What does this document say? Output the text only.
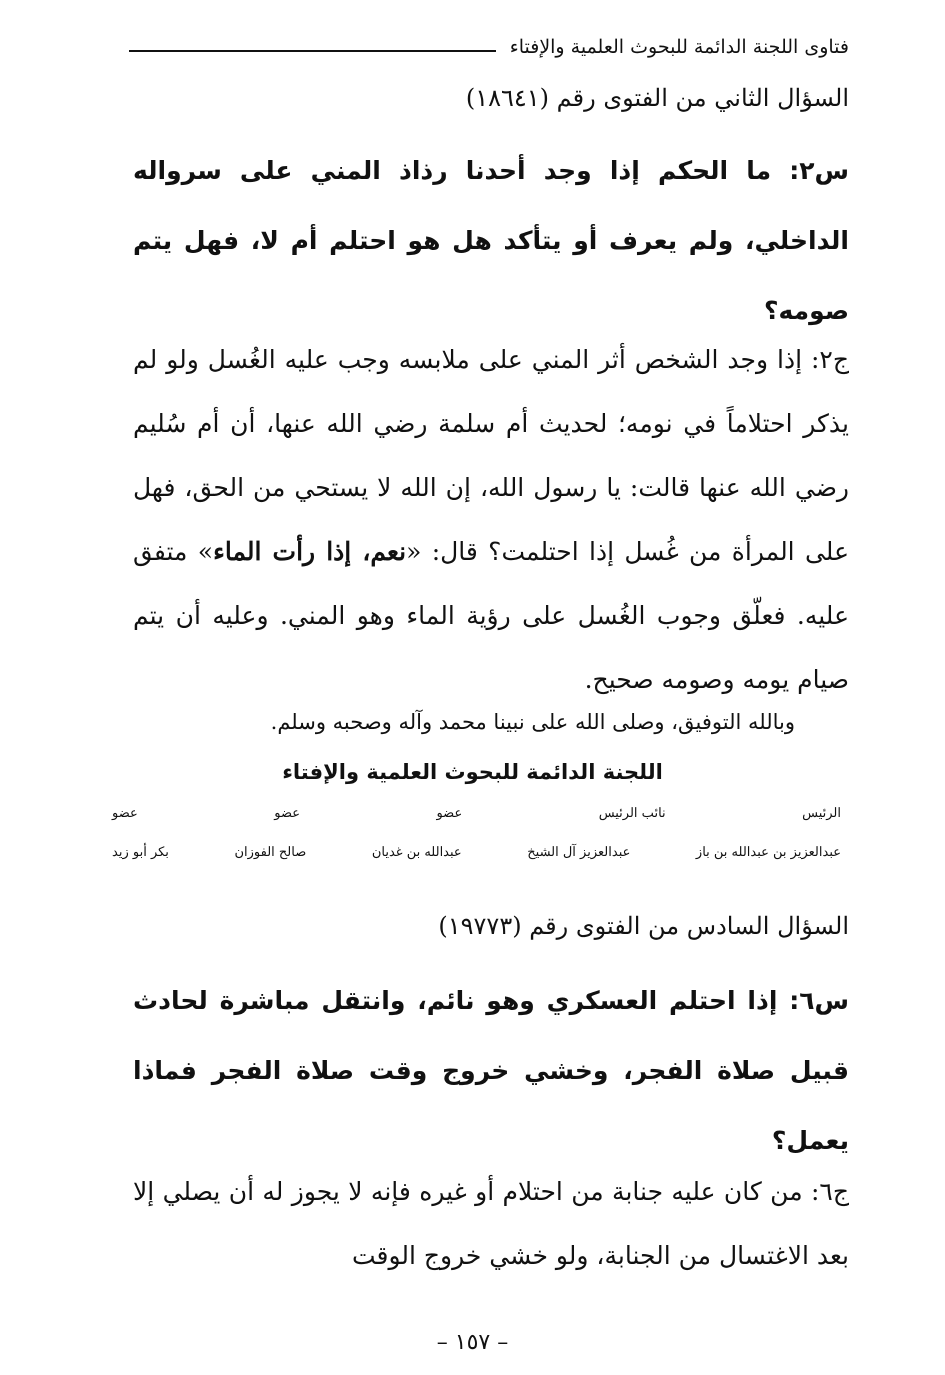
فتاوى اللجنة الدائمة للبحوث العلمية والإفتاء
السؤال الثاني من الفتوى رقم (١٨٦٤١)
س٢: ما الحكم إذا وجد أحدنا رذاذ المني على سرواله الداخلي، ولم يعرف أو يتأكد هل هو احتلم أم لا، فهل يتم صومه؟
ج٢: إذا وجد الشخص أثر المني على ملابسه وجب عليه الغُسل ولو لم يذكر احتلاماً في نومه؛ لحديث أم سلمة رضي الله عنها، أن أم سُليم رضي الله عنها قالت: يا رسول الله، إن الله لا يستحي من الحق، فهل على المرأة من غُسل إذا احتلمت؟ قال: «نعم، إذا رأت الماء» متفق عليه. فعلّق وجوب الغُسل على رؤية الماء وهو المني. وعليه أن يتم صيام يومه وصومه صحيح.
وبالله التوفيق، وصلى الله على نبينا محمد وآله وصحبه وسلم.
اللجنة الدائمة للبحوث العلمية والإفتاء
الرئيس
نائب الرئيس
عضو
عضو
عضو
عبدالعزيز بن عبدالله بن باز
عبدالعزيز آل الشيخ
عبدالله بن غديان
صالح الفوزان
بكر أبو زيد
السؤال السادس من الفتوى رقم (١٩٧٧٣)
س٦: إذا احتلم العسكري وهو نائم، وانتقل مباشرة لحادث قبيل صلاة الفجر، وخشي خروج وقت صلاة الفجر فماذا يعمل؟
ج٦: من كان عليه جنابة من احتلام أو غيره فإنه لا يجوز له أن يصلي إلا بعد الاغتسال من الجنابة، ولو خشي خروج الوقت
– ١٥٧ –
